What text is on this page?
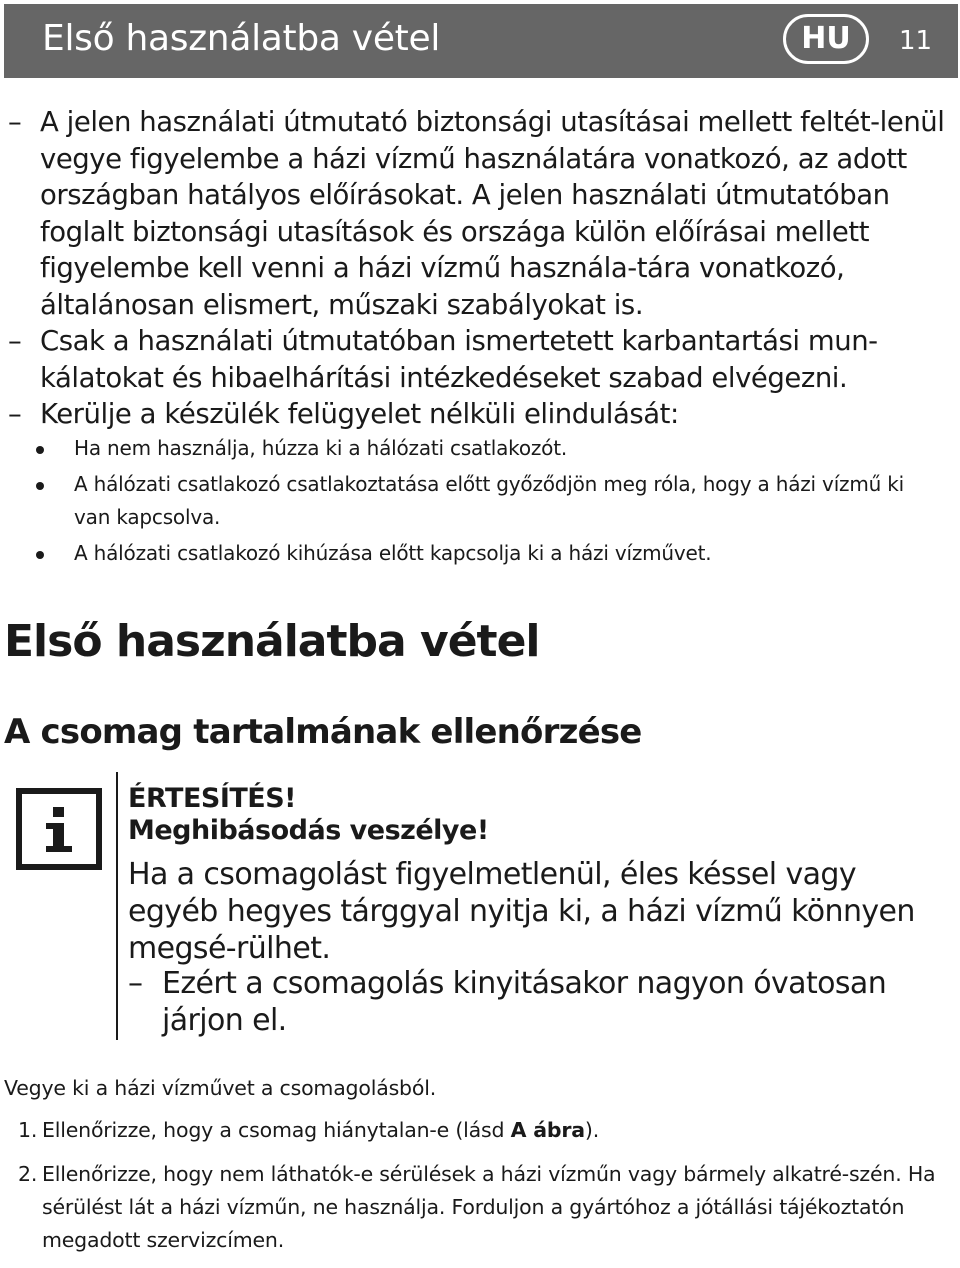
Első használatba vétel	HU	11
– A jelen használati útmutató biztonsági utasításai mellett feltét-lenül vegye figyelembe a házi vízmű használatára vonatkozó, az adott országban hatályos előírásokat. A jelen használati útmutatóban foglalt biztonsági utasítások és országa külön előírásai mellett figyelembe kell venni a házi vízmű használa-tára vonatkozó, általánosan elismert, műszaki szabályokat is.
– Csak a használati útmutatóban ismertetett karbantartási mun-kálatokat és hibaelhárítási intézkedéseket szabad elvégezni.
– Kerülje a készülék felügyelet nélküli elindulását:
Ha nem használja, húzza ki a hálózati csatlakozót.
A hálózati csatlakozó csatlakoztatása előtt győződjön meg róla, hogy a házi vízmű ki van kapcsolva.
A hálózati csatlakozó kihúzása előtt kapcsolja ki a házi vízművet.
Első használatba vétel
A csomag tartalmának ellenőrzése
ÉRTESÍTÉS!
Meghibásodás veszélye!
Ha a csomagolást figyelmetlenül, éles késsel vagy egyéb hegyes tárggyal nyitja ki, a házi vízmű könnyen megsé-rülhet.
– Ezért a csomagolás kinyitásakor nagyon óvatosan járjon el.
Vegye ki a házi vízművet a csomagolásból.
1. Ellenőrizze, hogy a csomag hiánytalan-e (lásd A ábra).
2. Ellenőrizze, hogy nem láthatók-e sérülések a házi vízműn vagy bármely alkatré-szén. Ha sérülést lát a házi vízműn, ne használja. Forduljon a gyártóhoz a jótállási tájékoztatón megadott szervizcímen.
